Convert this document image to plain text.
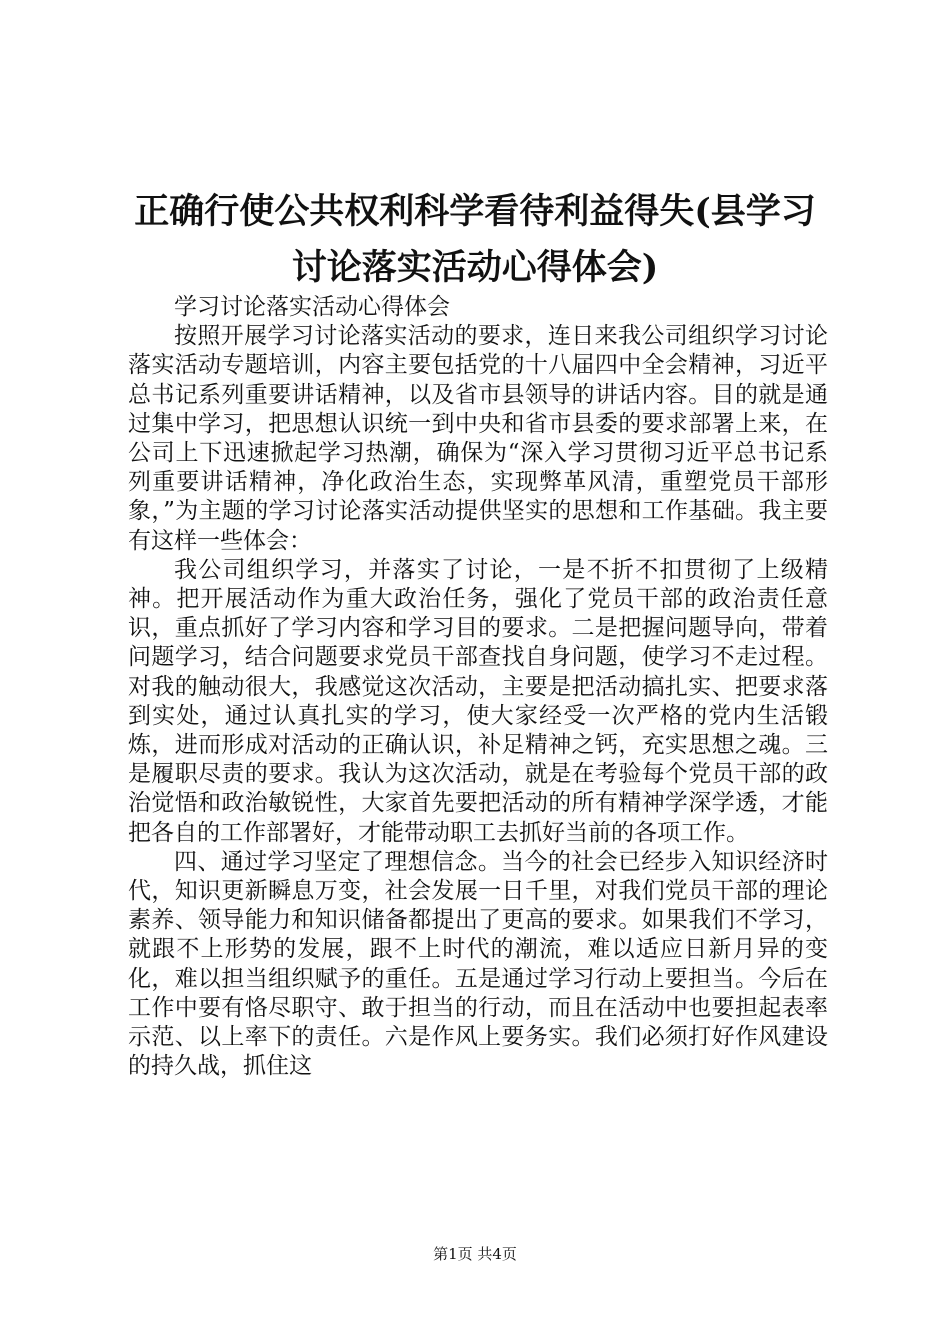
正确行使公共权利科学看待利益得失(县学习
讨论落实活动心得体会)

学习讨论落实活动心得体会

按照开展学习讨论落实活动的要求，连日来我公司组织学习讨论落实活动专题培训，内容主要包括党的十八届四中全会精神，习近平总书记系列重要讲话精神，以及省市县领导的讲话内容。目的就是通过集中学习，把思想认识统一到中央和省市县委的要求部署上来，在公司上下迅速掀起学习热潮，确保为“深入学习贯彻习近平总书记系列重要讲话精神，净化政治生态，实现弊革风清，重塑党员干部形象，”为主题的学习讨论落实活动提供坚实的思想和工作基础。我主要有这样一些体会：

我公司组织学习，并落实了讨论，一是不折不扣贯彻了上级精神。把开展活动作为重大政治任务，强化了党员干部的政治责任意识，重点抓好了学习内容和学习目的要求。二是把握问题导向，带着问题学习，结合问题要求党员干部查找自身问题，使学习不走过程。对我的触动很大，我感觉这次活动，主要是把活动搞扎实、把要求落到实处，通过认真扎实的学习，使大家经受一次严格的党内生活锻炼，进而形成对活动的正确认识，补足精神之钙，充实思想之魂。三是履职尽责的要求。我认为这次活动，就是在考验每个党员干部的政治觉悟和政治敏锐性，大家首先要把活动的所有精神学深学透，才能把各自的工作部署好，才能带动职工去抓好当前的各项工作。

四、通过学习坚定了理想信念。当今的社会已经步入知识经济时代，知识更新瞬息万变，社会发展一日千里，对我们党员干部的理论素养、领导能力和知识储备都提出了更高的要求。如果我们不学习，就跟不上形势的发展，跟不上时代的潮流，难以适应日新月异的变化，难以担当组织赋予的重任。五是通过学习行动上要担当。今后在工作中要有恪尽职守、敢于担当的行动，而且在活动中也要担起表率示范、以上率下的责任。六是作风上要务实。我们必须打好作风建设的持久战，抓住这

第1页 共4页
